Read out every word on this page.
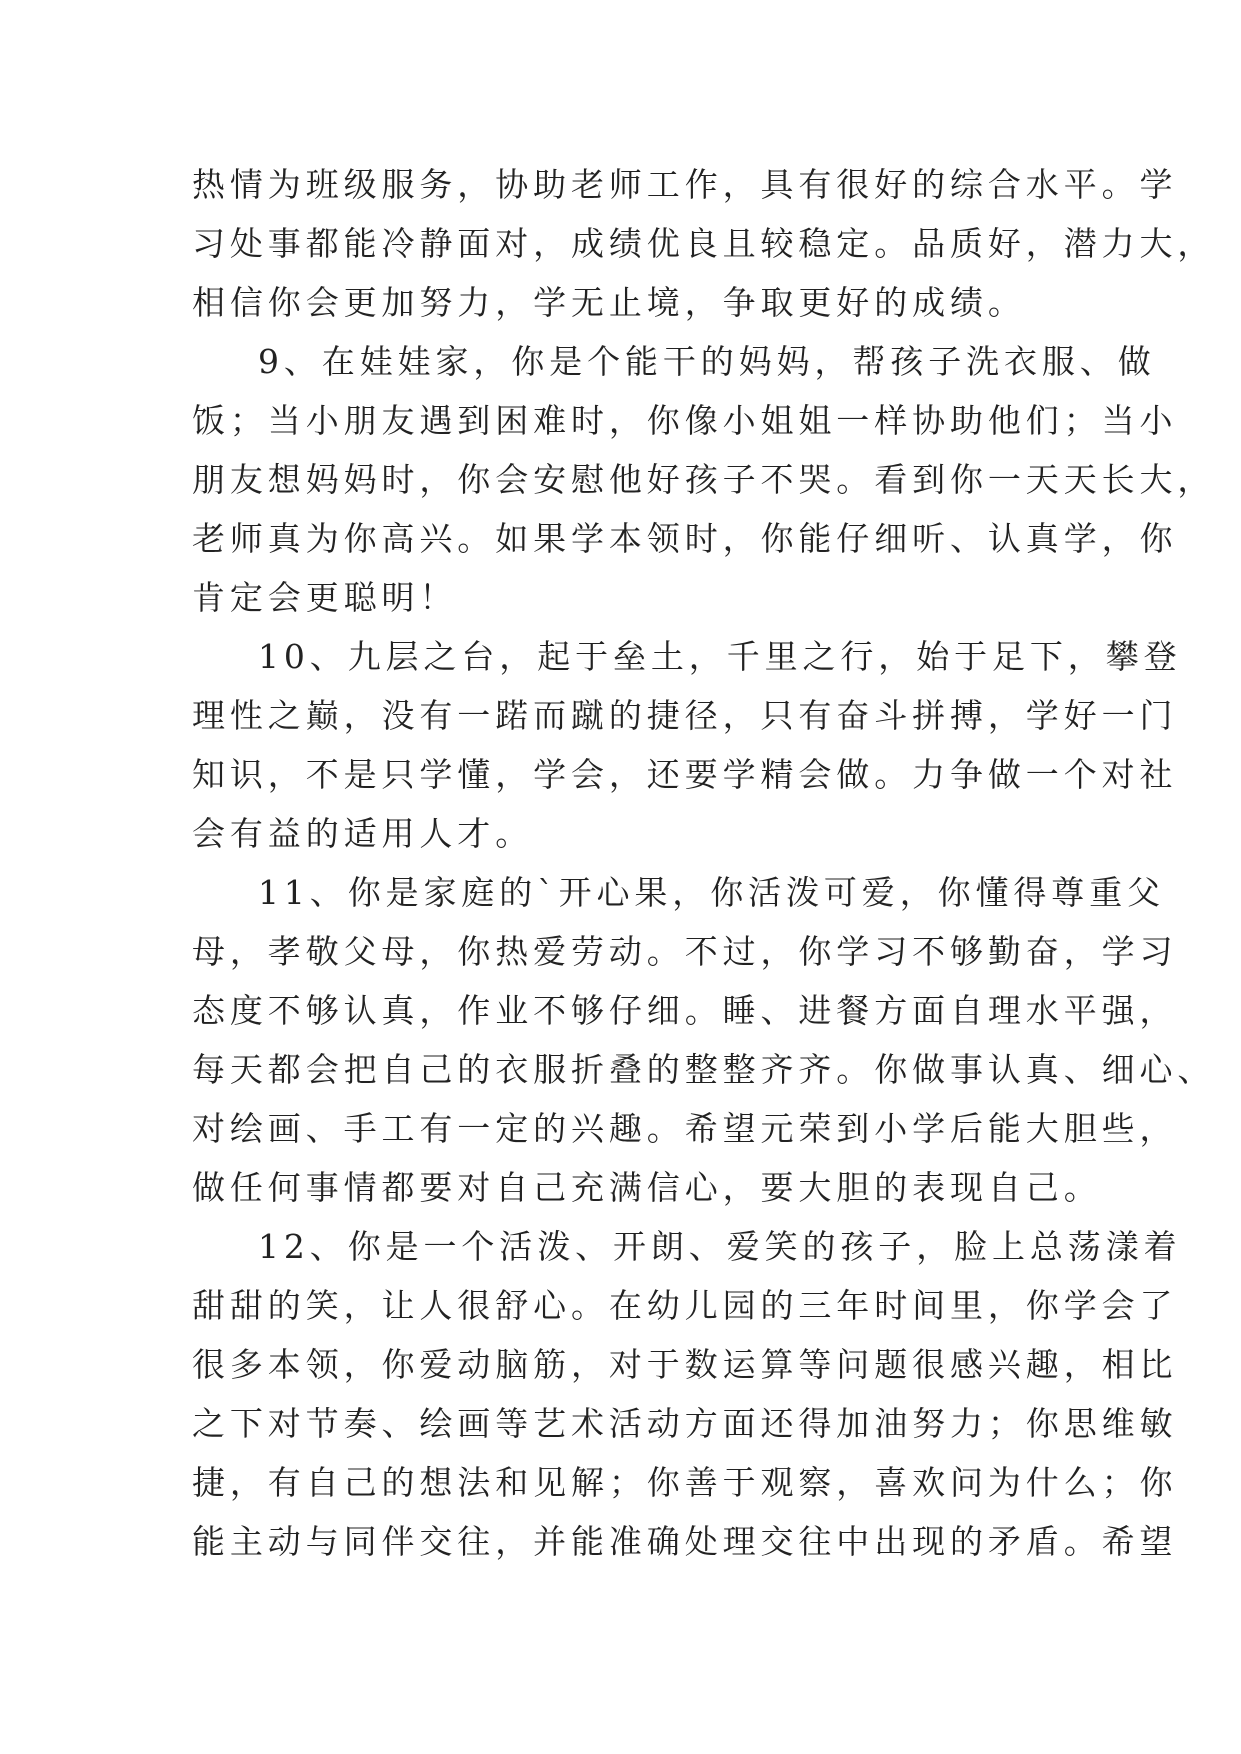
热情为班级服务，协助老师工作，具有很好的综合水平。学
习处事都能冷静面对，成绩优良且较稳定。品质好，潜力大，
相信你会更加努力，学无止境，争取更好的成绩。
9、在娃娃家，你是个能干的妈妈，帮孩子洗衣服、做
饭；当小朋友遇到困难时，你像小姐姐一样协助他们；当小
朋友想妈妈时，你会安慰他好孩子不哭。看到你一天天长大，
老师真为你高兴。如果学本领时，你能仔细听、认真学，你
肯定会更聪明！
10、九层之台，起于垒土，千里之行，始于足下，攀登
理性之巅，没有一蹃而蹴的捷径，只有奋斗拼搏，学好一门
知识，不是只学懂，学会，还要学精会做。力争做一个对社
会有益的适用人才。
11、你是家庭的`开心果，你活泼可爱，你懂得尊重父
母，孝敬父母，你热爱劳动。不过，你学习不够勤奋，学习
态度不够认真，作业不够仔细。睡、进餐方面自理水平强，
每天都会把自己的衣服折叠的整整齐齐。你做事认真、细心、
对绘画、手工有一定的兴趣。希望元荣到小学后能大胆些，
做任何事情都要对自己充满信心，要大胆的表现自己。
12、你是一个活泼、开朗、爱笑的孩子，脸上总荡漾着
甜甜的笑，让人很舒心。在幼儿园的三年时间里，你学会了
很多本领，你爱动脑筋，对于数运算等问题很感兴趣，相比
之下对节奏、绘画等艺术活动方面还得加油努力；你思维敏
捷，有自己的想法和见解；你善于观察，喜欢问为什么；你
能主动与同伴交往，并能准确处理交往中出现的矛盾。希望
